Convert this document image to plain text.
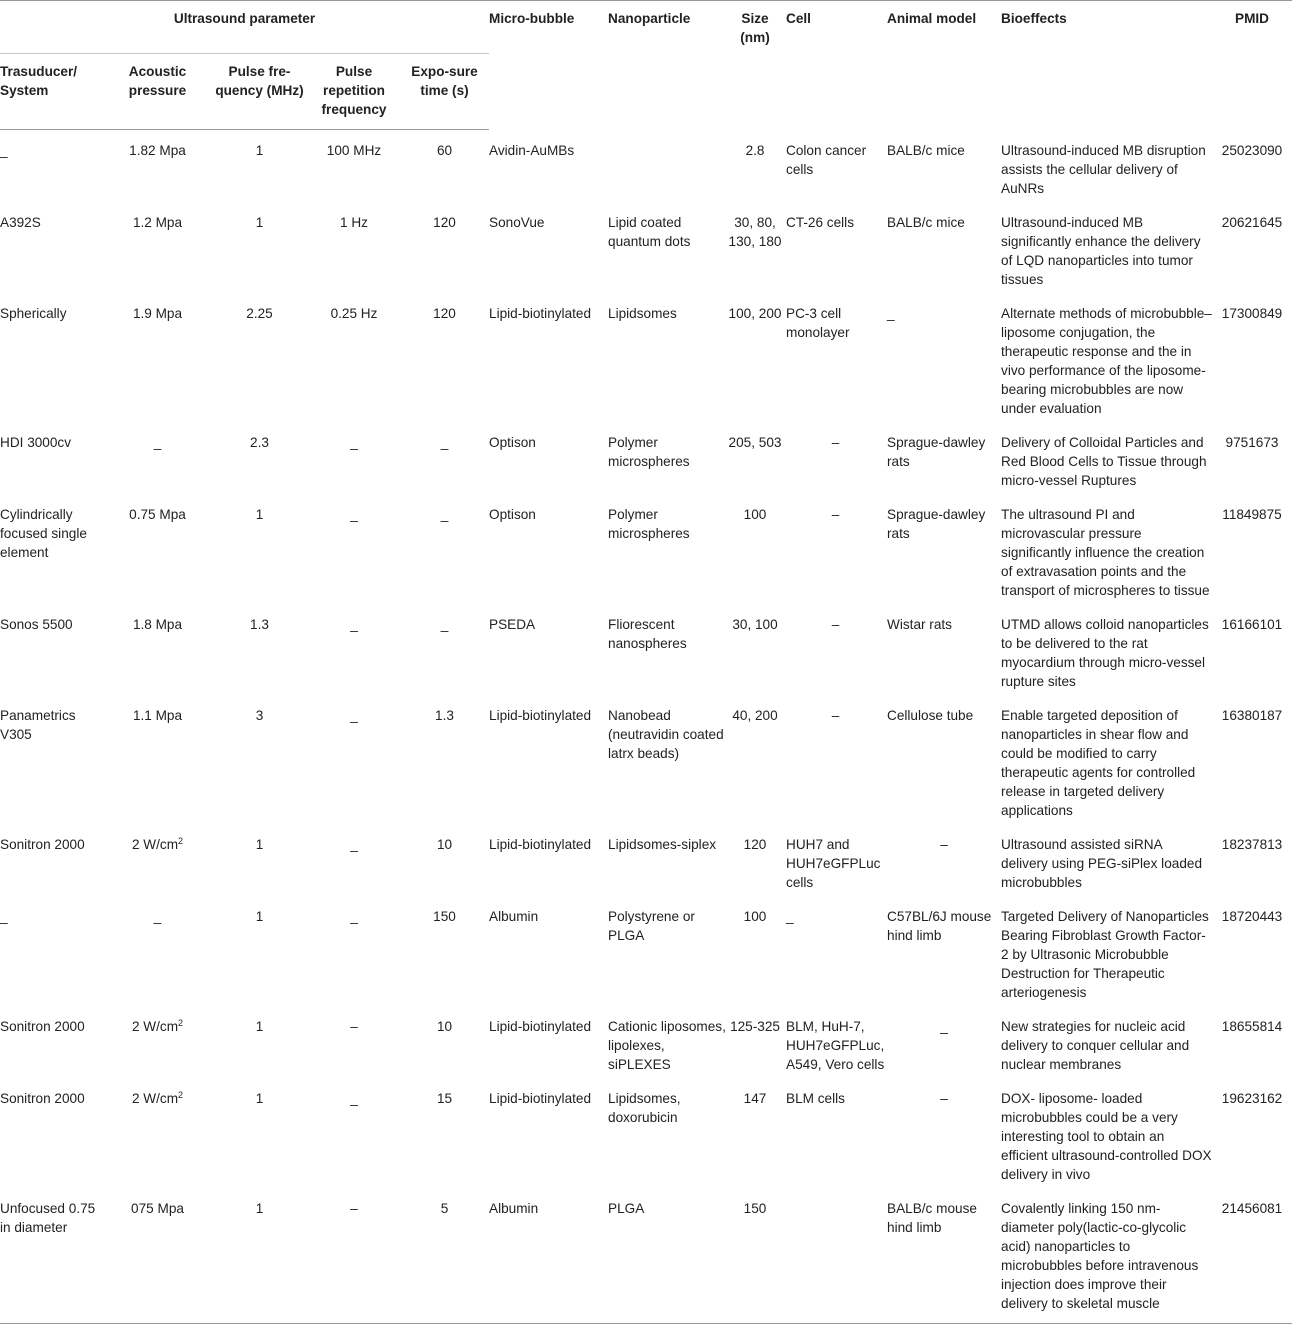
Ultrasound parameter					Micro-bubble	Nanoparticle	Size (nm)	Cell	Animal model	Bioeffects	PMID
Trasuducer/ System	Acoustic pressure	Pulse fre-quency (MHz)	Pulse repetition frequency	Expo-sure time (s)							
_	1.82 Mpa	1	100 MHz	60	Avidin-AuMBs		2.8	Colon cancer cells	BALB/c mice	Ultrasound-induced MB disruption assists the cellular delivery of AuNRs	25023090
A392S	1.2 Mpa	1	1 Hz	120	SonoVue	Lipid coated quantum dots	30, 80, 130, 180	CT-26 cells	BALB/c mice	Ultrasound-induced MB significantly enhance the delivery of LQD nanoparticles into tumor tissues	20621645
Spherically	1.9 Mpa	2.25	0.25 Hz	120	Lipid-biotinylated	Lipidsomes	100, 200	PC-3 cell monolayer	_	Alternate methods of microbubble–liposome conjugation, the therapeutic response and the in vivo performance of the liposome-bearing microbubbles are now under evaluation	17300849
HDI 3000cv	_	2.3	_	_	Optison	Polymer microspheres	205, 503	–	Sprague-dawley rats	Delivery of Colloidal Particles and Red Blood Cells to Tissue through micro-vessel Ruptures	9751673
Cylindrically focused single element	0.75 Mpa	1	_	_	Optison	Polymer microspheres	100	–	Sprague-dawley rats	The ultrasound PI and microvascular pressure significantly influence the creation of extravasation points and the transport of microspheres to tissue	11849875
Sonos 5500	1.8 Mpa	1.3	_	_	PSEDA	Fliorescent nanospheres	30, 100	–	Wistar rats	UTMD allows colloid nanoparticles to be delivered to the rat myocardium through micro-vessel rupture sites	16166101
Panametrics V305	1.1 Mpa	3	_	1.3	Lipid-biotinylated	Nanobead (neutravidin coated latrx beads)	40, 200	–	Cellulose tube	Enable targeted deposition of nanoparticles in shear flow and could be modified to carry therapeutic agents for controlled release in targeted delivery applications	16380187
Sonitron 2000	2 $W/cm^2$	1	_	10	Lipid-biotinylated	Lipidsomes-siplex	120	HUH7 and HUH7eGFPLuc cells	–	Ultrasound assisted siRNA delivery using PEG-siPlex loaded microbubbles	18237813
_	_	1	_	150	Albumin	Polystyrene or PLGA	100	_	C57BL/6J mouse hind limb	Targeted Delivery of Nanoparticles Bearing Fibroblast Growth Factor-2 by Ultrasonic Microbubble Destruction for Therapeutic arteriogenesis	18720443
Sonitron 2000	2 $W/cm^2$	1	–	10	Lipid-biotinylated	Cationic liposomes, lipolexes, siPLEXES	125-325	BLM, HuH-7, HUH7eGFPLuc, A549, Vero cells	_	New strategies for nucleic acid delivery to conquer cellular and nuclear membranes	18655814
Sonitron 2000	2 $W/cm^2$	1	_	15	Lipid-biotinylated	Lipidsomes, doxorubicin	147	BLM cells	–	DOX- liposome- loaded microbubbles could be a very interesting tool to obtain an efficient ultrasound-controlled DOX delivery in vivo	19623162
Unfocused 0.75 in diameter	075 Mpa	1	–	5	Albumin	PLGA	150		BALB/c mouse hind limb	Covalently linking 150 nm-diameter poly(lactic-co-glycolic acid) nanoparticles to microbubbles before intravenous injection does improve their delivery to skeletal muscle	21456081
